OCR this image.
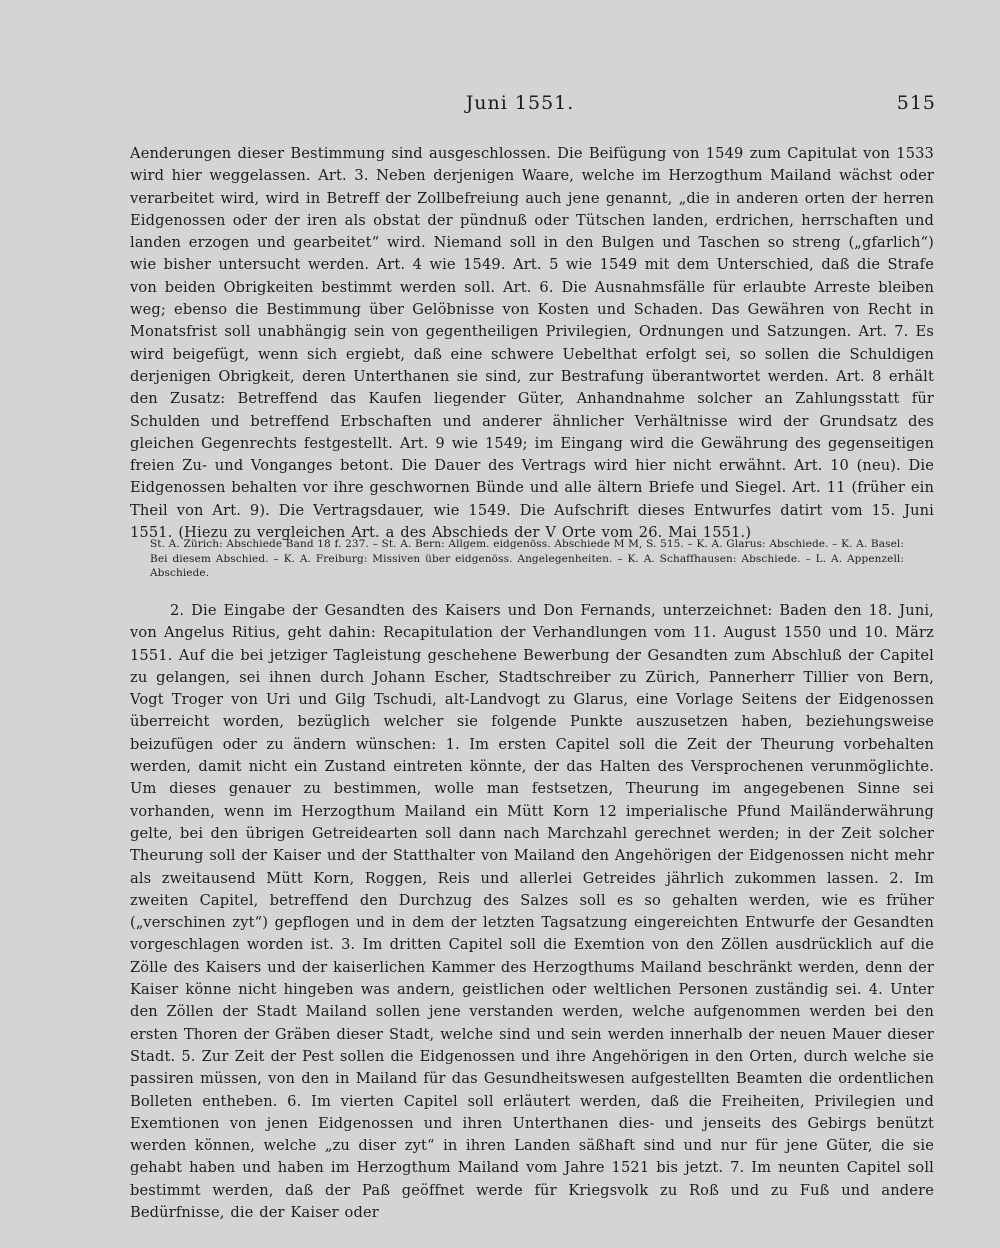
Juni 1551.	515

Aenderungen dieser Bestimmung sind ausgeschlossen. Die Beifügung von 1549 zum Capitulat von 1533 wird hier weggelassen. Art. 3. Neben derjenigen Waare, welche im Herzogthum Mailand wächst oder verarbeitet wird, wird in Betreff der Zollbefreiung auch jene genannt, „die in anderen orten der herren Eidgenossen oder der iren als obstat der pündnuß oder Tütschen landen, erdrichen, herrschaften und landen erzogen und gearbeitet“ wird. Niemand soll in den Bulgen und Taschen so streng („gfarlich“) wie bisher untersucht werden. Art. 4 wie 1549. Art. 5 wie 1549 mit dem Unterschied, daß die Strafe von beiden Obrigkeiten bestimmt werden soll. Art. 6. Die Ausnahmsfälle für erlaubte Arreste bleiben weg; ebenso die Bestimmung über Gelöbnisse von Kosten und Schaden. Das Gewähren von Recht in Monatsfrist soll unabhängig sein von gegentheiligen Privilegien, Ordnungen und Satzungen. Art. 7. Es wird beigefügt, wenn sich ergiebt, daß eine schwere Uebelthat erfolgt sei, so sollen die Schuldigen derjenigen Obrigkeit, deren Unterthanen sie sind, zur Bestrafung überantwortet werden. Art. 8 erhält den Zusatz: Betreffend das Kaufen liegender Güter, Anhandnahme solcher an Zahlungsstatt für Schulden und betreffend Erbschaften und anderer ähnlicher Verhältnisse wird der Grundsatz des gleichen Gegenrechts festgestellt. Art. 9 wie 1549; im Eingang wird die Gewährung des gegenseitigen freien Zu- und Vonganges betont. Die Dauer des Vertrags wird hier nicht erwähnt. Art. 10 (neu). Die Eidgenossen behalten vor ihre geschwornen Bünde und alle ältern Briefe und Siegel. Art. 11 (früher ein Theil von Art. 9). Die Vertragsdauer, wie 1549. Die Aufschrift dieses Entwurfes datirt vom 15. Juni 1551. (Hiezu zu vergleichen Art. a des Abschieds der V Orte vom 26. Mai 1551.)

St. A. Zürich: Abschiede Band 18 f. 237. – St. A. Bern: Allgem. eidgenöss. Abschiede M M, S. 515. – K. A. Glarus: Abschiede. – K. A. Basel: Bei diesem Abschied. – K. A. Freiburg: Missiven über eidgenöss. Angelegenheiten. – K. A. Schaffhausen: Abschiede. – L. A. Appenzell: Abschiede.

2. Die Eingabe der Gesandten des Kaisers und Don Fernands, unterzeichnet: Baden den 18. Juni, von Angelus Ritius, geht dahin: Recapitulation der Verhandlungen vom 11. August 1550 und 10. März 1551. Auf die bei jetziger Tagleistung geschehene Bewerbung der Gesandten zum Abschluß der Capitel zu gelangen, sei ihnen durch Johann Escher, Stadtschreiber zu Zürich, Pannerherr Tillier von Bern, Vogt Troger von Uri und Gilg Tschudi, alt-Landvogt zu Glarus, eine Vorlage Seitens der Eidgenossen überreicht worden, bezüglich welcher sie folgende Punkte auszusetzen haben, beziehungsweise beizufügen oder zu ändern wünschen: 1. Im ersten Capitel soll die Zeit der Theurung vorbehalten werden, damit nicht ein Zustand eintreten könnte, der das Halten des Versprochenen verunmöglichte. Um dieses genauer zu bestimmen, wolle man festsetzen, Theurung im angegebenen Sinne sei vorhanden, wenn im Herzogthum Mailand ein Mütt Korn 12 imperialische Pfund Mailänderwährung gelte, bei den übrigen Getreidearten soll dann nach Marchzahl gerechnet werden; in der Zeit solcher Theurung soll der Kaiser und der Statthalter von Mailand den Angehörigen der Eidgenossen nicht mehr als zweitausend Mütt Korn, Roggen, Reis und allerlei Getreides jährlich zukommen lassen. 2. Im zweiten Capitel, betreffend den Durchzug des Salzes soll es so gehalten werden, wie es früher („verschinen zyt“) gepflogen und in dem der letzten Tagsatzung eingereichten Entwurfe der Gesandten vorgeschlagen worden ist. 3. Im dritten Capitel soll die Exemtion von den Zöllen ausdrücklich auf die Zölle des Kaisers und der kaiserlichen Kammer des Herzogthums Mailand beschränkt werden, denn der Kaiser könne nicht hingeben was andern, geistlichen oder weltlichen Personen zuständig sei. 4. Unter den Zöllen der Stadt Mailand sollen jene verstanden werden, welche aufgenommen werden bei den ersten Thoren der Gräben dieser Stadt, welche sind und sein werden innerhalb der neuen Mauer dieser Stadt. 5. Zur Zeit der Pest sollen die Eidgenossen und ihre Angehörigen in den Orten, durch welche sie passiren müssen, von den in Mailand für das Gesundheitswesen aufgestellten Beamten die ordentlichen Bolleten entheben. 6. Im vierten Capitel soll erläutert werden, daß die Freiheiten, Privilegien und Exemtionen von jenen Eidgenossen und ihren Unterthanen dies- und jenseits des Gebirgs benützt werden können, welche „zu diser zyt“ in ihren Landen säßhaft sind und nur für jene Güter, die sie gehabt haben und haben im Herzogthum Mailand vom Jahre 1521 bis jetzt. 7. Im neunten Capitel soll bestimmt werden, daß der Paß geöffnet werde für Kriegsvolk zu Roß und zu Fuß und andere Bedürfnisse, die der Kaiser oder
